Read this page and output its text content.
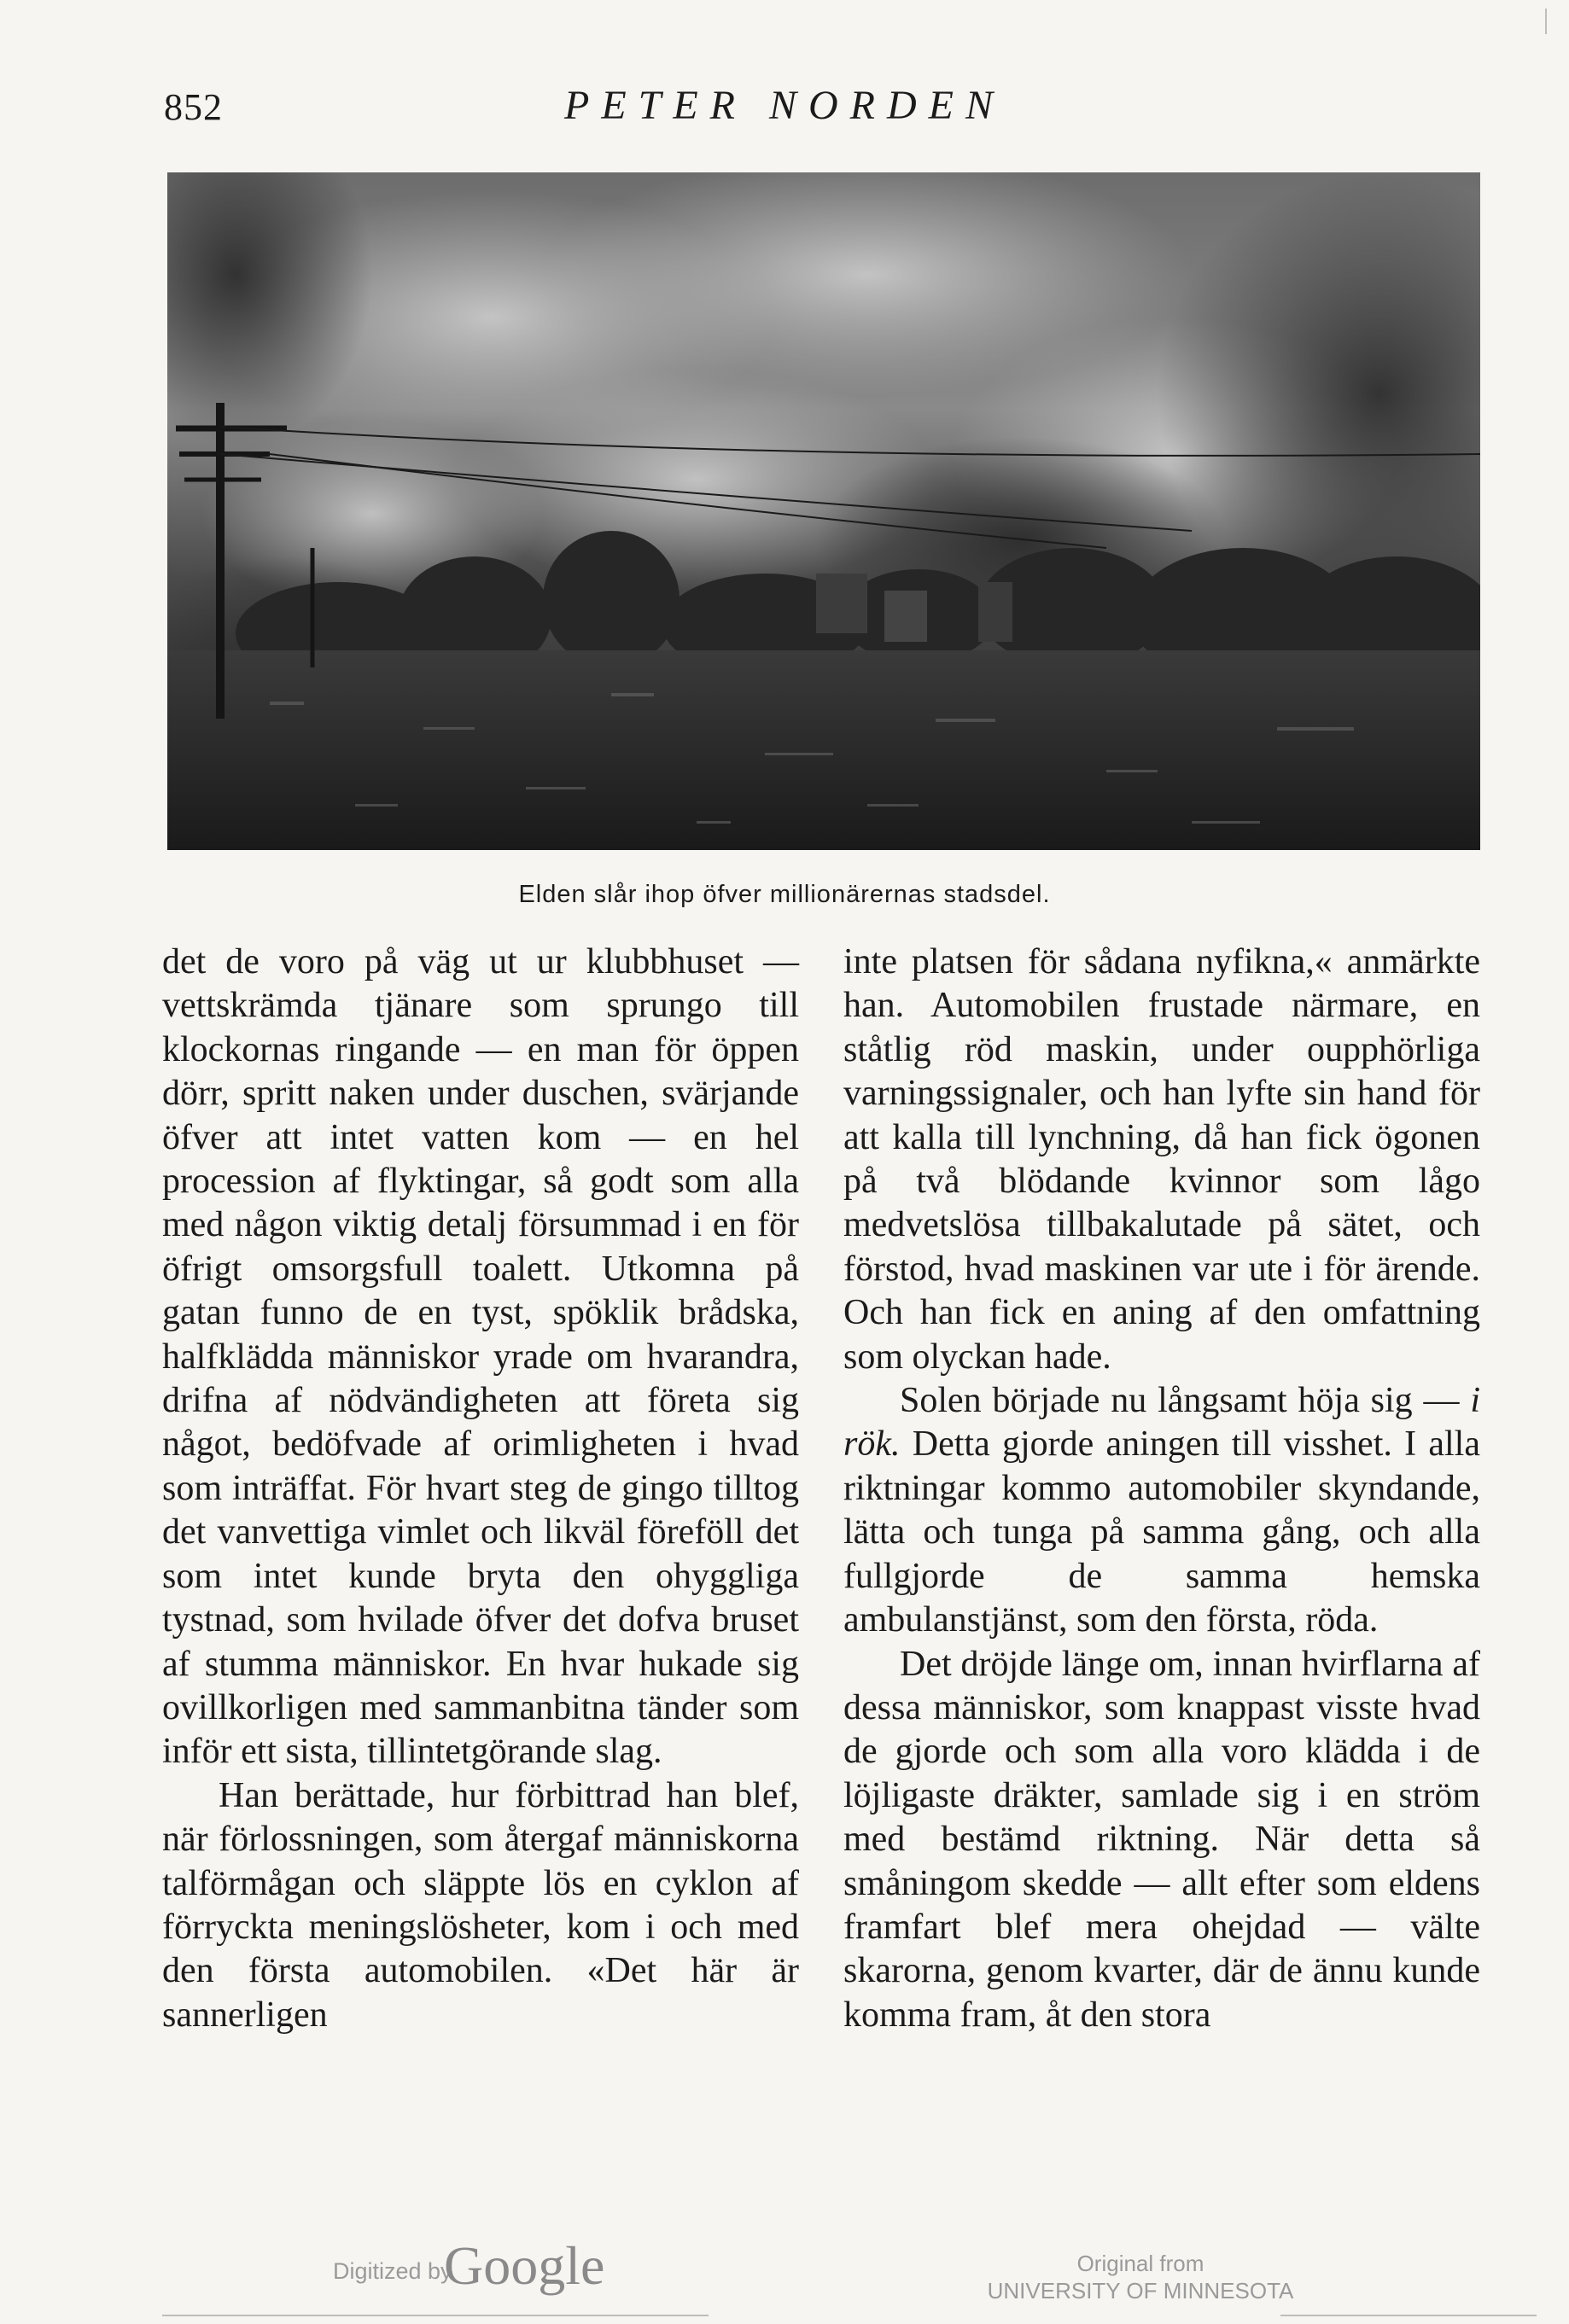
852	PETER NORDEN
Elden slår ihop öfver millionärernas stadsdel.

det de voro på väg ut ur klubbhuset — vettskrämda tjänare som sprungo till klockornas ringande — en man för öppen dörr, spritt naken under duschen, svärjande öfver att intet vatten kom — en hel procession af flyktingar, så godt som alla med någon viktig detalj försummad i en för öfrigt omsorgsfull toalett. Utkomna på gatan funno de en tyst, spöklik brådska, halfklädda människor yrade om hvarandra, drifna af nödvändigheten att företa sig något, bedöfvade af orimligheten i hvad som inträffat. För hvart steg de gingo tilltog det vanvettiga vimlet och likväl föreföll det som intet kunde bryta den ohyggliga tystnad, som hvilade öfver det dofva bruset af stumma människor. En hvar hukade sig ovillkorligen med sammanbitna tänder som inför ett sista, tillintetgörande slag.

Han berättade, hur förbittrad han blef, när förlossningen, som återgaf människorna talförmågan och släppte lös en cyklon af förryckta meningslösheter, kom i och med den första automobilen. «Det här är sannerligen

inte platsen för sådana nyfikna,« anmärkte han. Automobilen frustade närmare, en ståtlig röd maskin, under oupphörliga varningssignaler, och han lyfte sin hand för att kalla till lynchning, då han fick ögonen på två blödande kvinnor som lågo medvetslösa tillbakalutade på sätet, och förstod, hvad maskinen var ute i för ärende. Och han fick en aning af den omfattning som olyckan hade.

Solen började nu långsamt höja sig — i rök. Detta gjorde aningen till visshet. I alla riktningar kommo automobiler skyndande, lätta och tunga på samma gång, och alla fullgjorde de samma hemska ambulanstjänst, som den första, röda.

Det dröjde länge om, innan hvirflarna af dessa människor, som knappast visste hvad de gjorde och som alla voro klädda i de löjligaste dräkter, samlade sig i en ström med bestämd riktning. När detta så småningom skedde — allt efter som eldens framfart blef mera ohejdad — välte skarorna, genom kvarter, där de ännu kunde komma fram, åt den stora

Digitized by
Google	Original from
UNIVERSITY OF MINNESOTA
